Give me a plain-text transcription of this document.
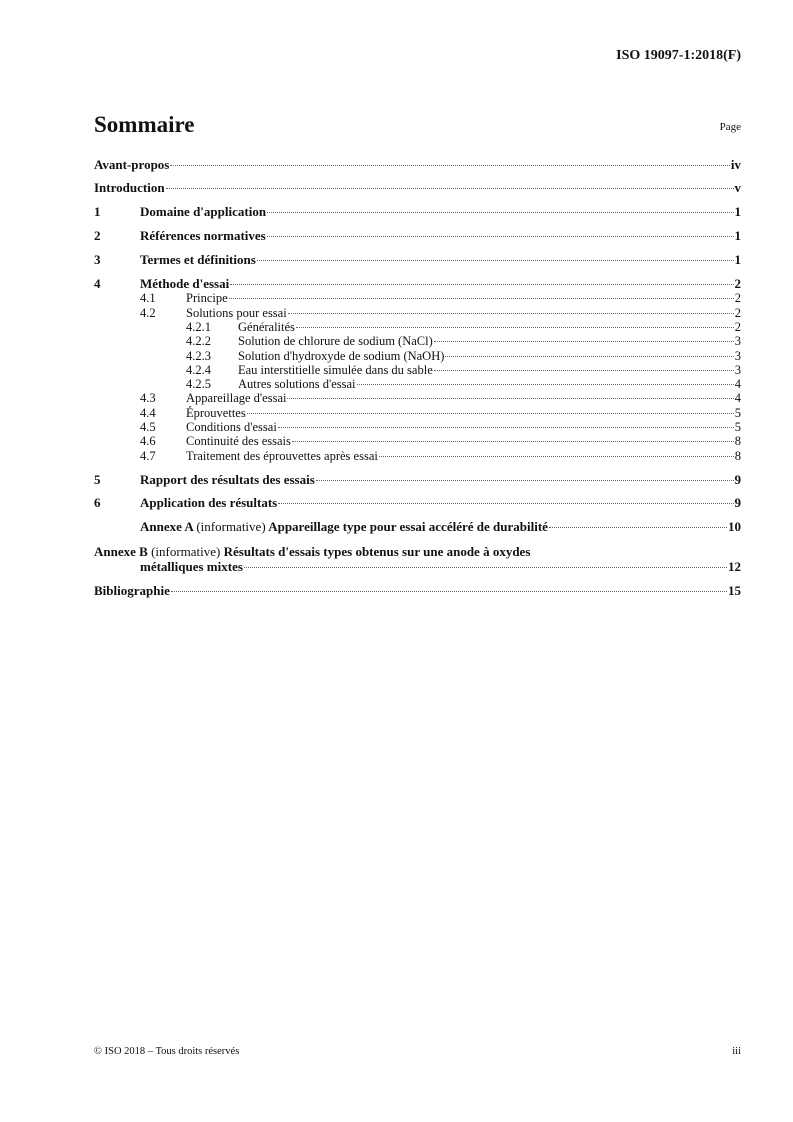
ISO 19097-1:2018(F)
Sommaire	Page
Avant-propos	iv
Introduction	v
1	Domaine d'application	1
2	Références normatives	1
3	Termes et définitions	1
4	Méthode d'essai	2
4.1	Principe	2
4.2	Solutions pour essai	2
4.2.1	Généralités	2
4.2.2	Solution de chlorure de sodium (NaCl)	3
4.2.3	Solution d'hydroxyde de sodium (NaOH)	3
4.2.4	Eau interstitielle simulée dans du sable	3
4.2.5	Autres solutions d'essai	4
4.3	Appareillage d'essai	4
4.4	Éprouvettes	5
4.5	Conditions d'essai	5
4.6	Continuité des essais	8
4.7	Traitement des éprouvettes après essai	8
5	Rapport des résultats des essais	9
6	Application des résultats	9
Annexe A (informative) Appareillage type pour essai accéléré de durabilité	10
Annexe B (informative) Résultats d'essais types obtenus sur une anode à oxydes
métalliques mixtes	12
Bibliographie	15
© ISO 2018 – Tous droits réservés	iii
